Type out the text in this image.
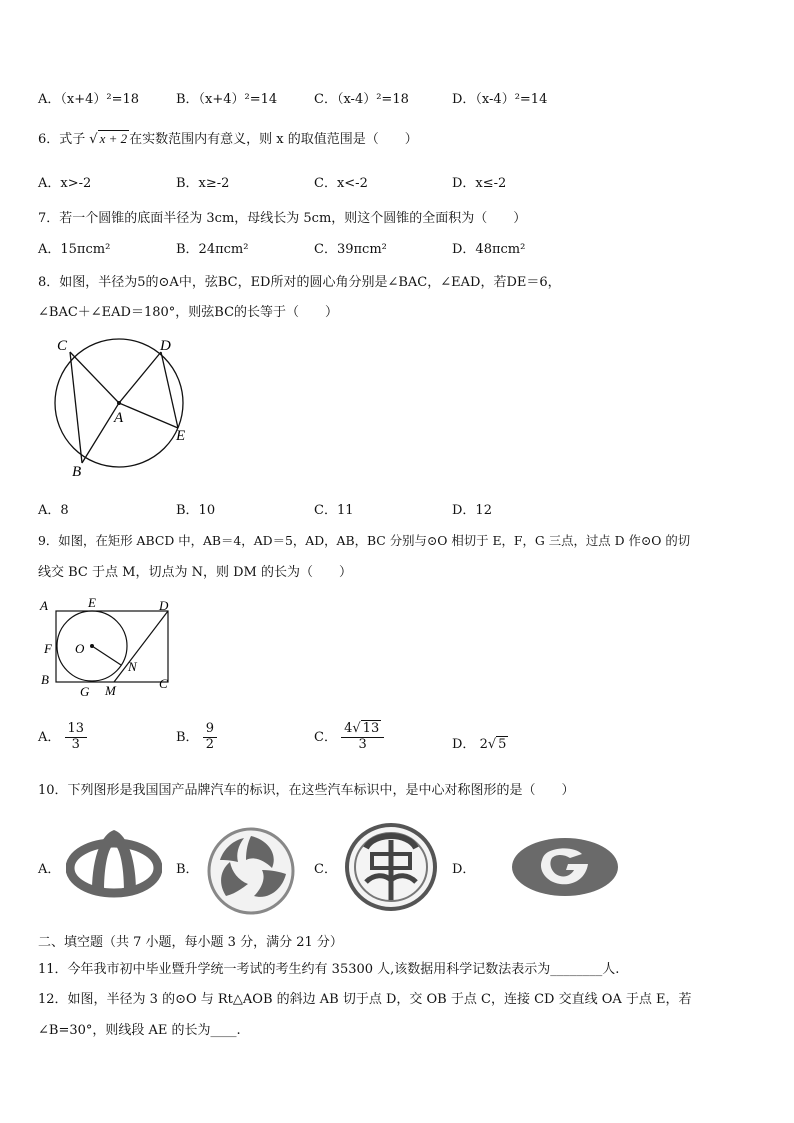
A．（x+4）²=18	B．（x+4）²=14	C．（x-4）²=18	D．（x-4）²=14
6．式子 √ x + 2 在实数范围内有意义，则 x 的取值范围是（　　）
A．x>-2	B．x≥-2	C．x<-2	D．x≤-2
7．若一个圆锥的底面半径为 3cm，母线长为 5cm，则这个圆锥的全面积为（　　）
A．15πcm²	B．24πcm²	C．39πcm²	D．48πcm²
8．如图，半径为5的⊙A中，弦BC，ED所对的圆心角分别是∠BAC，∠EAD，若DE＝6，
∠BAC＋∠EAD＝180°，则弦BC的长等于（　　）
C	D
A
E
B
A．8	B．10	C．11	D．12
9．如图，在矩形 ABCD 中，AB＝4，AD＝5，AD，AB，BC 分别与⊙O 相切于 E，F，G 三点，过点 D 作⊙O 的切
线交 BC 于点 M，切点为 N，则 DM 的长为（　　）
A	E	D
F O
N
B
G M	C
A． $\frac{13}{3}$	B． $\frac{9}{2}$	C． $\frac{4√ 13}{3}$	D． 2√ 5
10．下列图形是我国国产品牌汽车的标识，在这些汽车标识中，是中心对称图形的是（　　）
A．	B．	C．	D．
二、填空题（共 7 小题，每小题 3 分，满分 21 分）
11．今年我市初中毕业暨升学统一考试的考生约有 35300 人,该数据用科学记数法表示为________人.
12．如图，半径为 3 的⊙O 与 Rt△AOB 的斜边 AB 切于点 D，交 OB 于点 C，连接 CD 交直线 OA 于点 E，若
∠B=30°，则线段 AE 的长为____.
